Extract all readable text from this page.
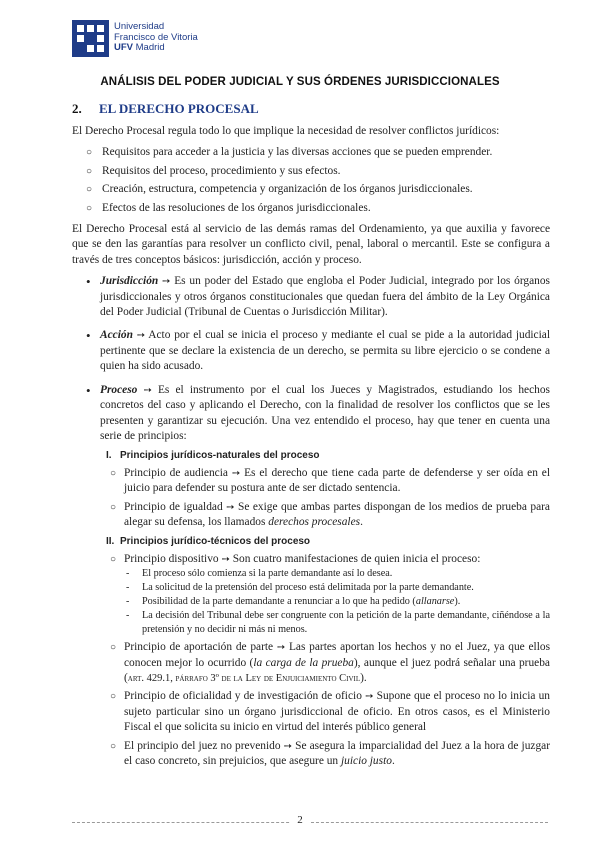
Universidad
Francisco de Vitoria
UFV Madrid
ANÁLISIS DEL PODER JUDICIAL Y SUS ÓRDENES JURISDICCIONALES
2. EL DERECHO PROCESAL

El Derecho Procesal regula todo lo que implique la necesidad de resolver conflictos jurídicos:

○ Requisitos para acceder a la justicia y las diversas acciones que se pueden emprender.
○ Requisitos del proceso, procedimiento y sus efectos.
○ Creación, estructura, competencia y organización de los órganos jurisdiccionales.
○ Efectos de las resoluciones de los órganos jurisdiccionales.

El Derecho Procesal está al servicio de las demás ramas del Ordenamiento, ya que auxilia y favorece que se den las garantías para resolver un conflicto civil, penal, laboral o mercantil. Este se configura a través de tres conceptos básicos: jurisdicción, acción y proceso.

• Jurisdicción ➙ Es un poder del Estado que engloba el Poder Judicial, integrado por los órganos jurisdiccionales y otros órganos constitucionales que quedan fuera del ámbito de la Ley Orgánica del Poder Judicial (Tribunal de Cuentas o Jurisdicción Militar).
• Acción ➙ Acto por el cual se inicia el proceso y mediante el cual se pide a la autoridad judicial pertinente que se declare la existencia de un derecho, se permita su libre ejercicio o se condene a quien ha sido acusado.
• Proceso ➙ Es el instrumento por el cual los Jueces y Magistrados, estudiando los hechos concretos del caso y aplicando el Derecho, con la finalidad de resolver los conflictos que se les presenten y garantizar su ejecución. Una vez entendido el proceso, hay que tener en cuenta una serie de principios:
I. Principios jurídicos-naturales del proceso
○ Principio de audiencia ➙ Es el derecho que tiene cada parte de defenderse y ser oída en el juicio para defender su postura ante de ser dictado sentencia.
○ Principio de igualdad ➙ Se exige que ambas partes dispongan de los medios de prueba para alegar su defensa, los llamados derechos procesales.
II. Principios jurídico-técnicos del proceso
○ Principio dispositivo ➙ Son cuatro manifestaciones de quien inicia el proceso:
- El proceso sólo comienza si la parte demandante así lo desea.
- La solicitud de la pretensión del proceso está delimitada por la parte demandante.
- Posibilidad de la parte demandante a renunciar a lo que ha pedido (allanarse).
- La decisión del Tribunal debe ser congruente con la petición de la parte demandante, ciñéndose a la pretensión y no decidir ni más ni menos.
○ Principio de aportación de parte ➙ Las partes aportan los hechos y no el Juez, ya que ellos conocen mejor lo ocurrido (la carga de la prueba), aunque el juez podrá señalar una prueba (art. 429.1, párrafo 3º de la Ley de Enjuiciamiento Civil).
○ Principio de oficialidad y de investigación de oficio ➙ Supone que el proceso no lo inicia un sujeto particular sino un órgano jurisdiccional de oficio. En otros casos, es el Ministerio Fiscal el que solicita su inicio en virtud del interés público general
○ El principio del juez no prevenido ➙ Se asegura la imparcialidad del Juez a la hora de juzgar el caso concreto, sin prejuicios, que asegure un juicio justo.
2
